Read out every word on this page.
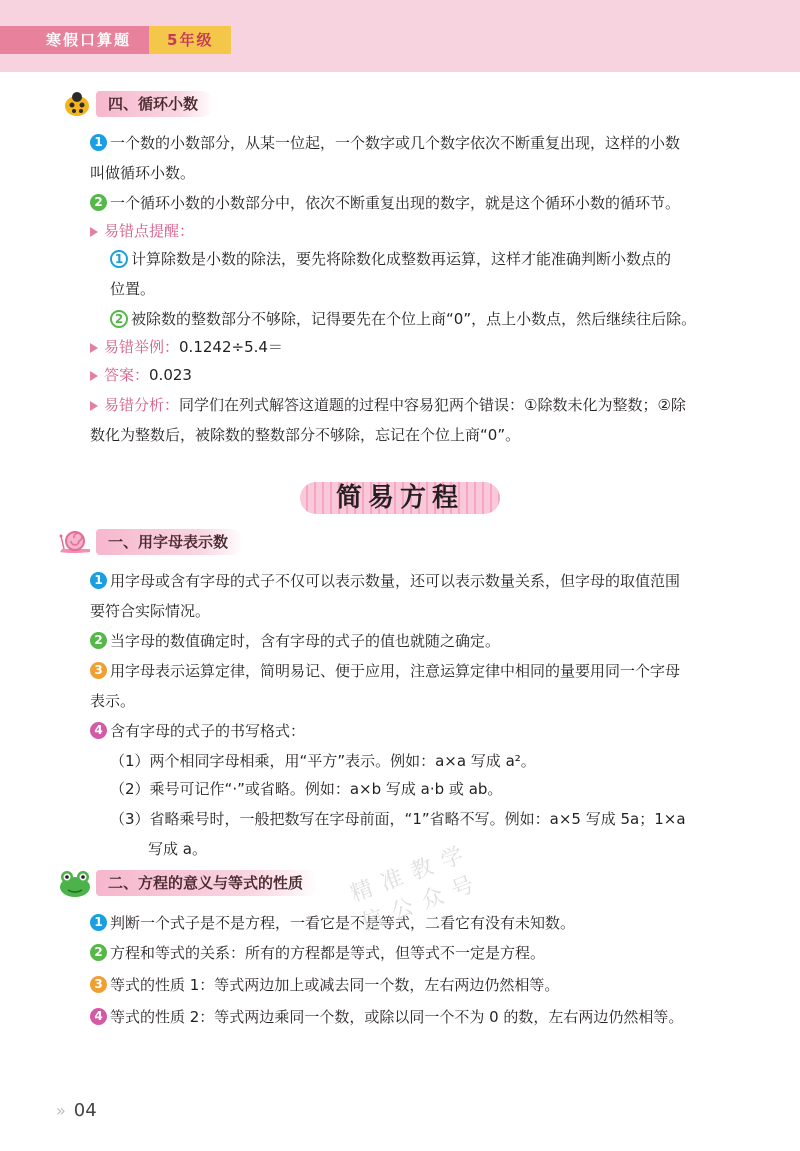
寒假口算题	5年级
四、循环小数
1 一个数的小数部分，从某一位起，一个数字或几个数字依次不断重复出现，这样的小数
叫做循环小数。
2 一个循环小数的小数部分中，依次不断重复出现的数字，就是这个循环小数的循环节。
易错点提醒：
1 计算除数是小数的除法，要先将除数化成整数再运算，这样才能准确判断小数点的
位置。
2 被除数的整数部分不够除，记得要先在个位上商“0”，点上小数点，然后继续往后除。
易错举例：0.1242÷5.4＝
答案：0.023
易错分析：同学们在列式解答这道题的过程中容易犯两个错误：①除数未化为整数；②除
数化为整数后，被除数的整数部分不够除，忘记在个位上商“0”。
简易方程
一、用字母表示数
1 用字母或含有字母的式子不仅可以表示数量，还可以表示数量关系，但字母的取值范围
要符合实际情况。
2 当字母的数值确定时，含有字母的式子的值也就随之确定。
3 用字母表示运算定律，简明易记、便于应用，注意运算定律中相同的量要用同一个字母
表示。
4 含有字母的式子的书写格式：
（1）两个相同字母相乘，用“平方”表示。例如：a×a 写成 a²。
（2）乘号可记作“·”或省略。例如：a×b 写成 a·b 或 ab。
（3）省略乘号时，一般把数写在字母前面，“1”省略不写。例如：a×5 写成 5a；1×a
写成 a。
二、方程的意义与等式的性质
1 判断一个式子是不是方程，一看它是不是等式，二看它有没有未知数。
2 方程和等式的关系：所有的方程都是等式，但等式不一定是方程。
3 等式的性质 1：等式两边加上或减去同一个数，左右两边仍然相等。
4 等式的性质 2：等式两边乘同一个数，或除以同一个不为 0 的数，左右两边仍然相等。
精准教学 信公众号
» 04
